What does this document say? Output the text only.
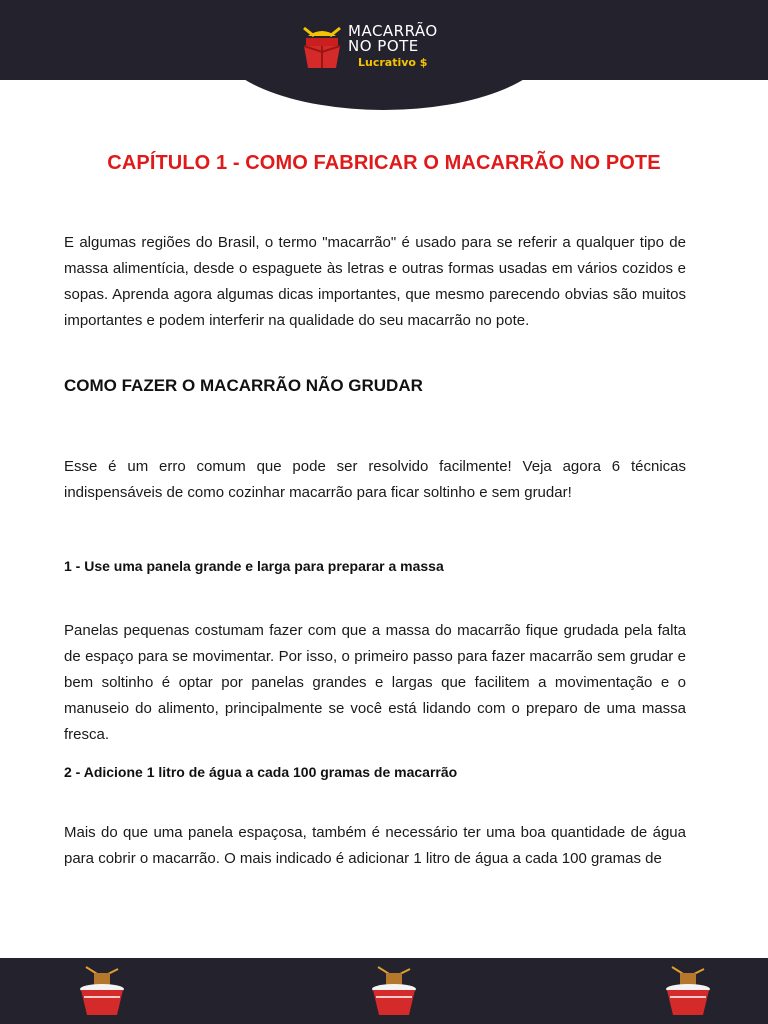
MACARRÃO
NO POTE
Lucrativo $
CAPÍTULO 1 - COMO FABRICAR O MACARRÃO NO POTE

E algumas regiões do Brasil, o termo "macarrão" é usado para se referir a qualquer tipo de massa alimentícia, desde o espaguete às letras e outras formas usadas em vários cozidos e sopas. Aprenda agora algumas dicas importantes, que mesmo parecendo obvias são muitos importantes e podem interferir na qualidade do seu macarrão no pote.

COMO FAZER O MACARRÃO NÃO GRUDAR

Esse é um erro comum que pode ser resolvido facilmente! Veja agora 6 técnicas indispensáveis de como cozinhar macarrão para ficar soltinho e sem grudar!

1 - Use uma panela grande e larga para preparar a massa

Panelas pequenas costumam fazer com que a massa do macarrão fique grudada pela falta de espaço para se movimentar. Por isso, o primeiro passo para fazer macarrão sem grudar e bem soltinho é optar por panelas grandes e largas que facilitem a movimentação e o manuseio do alimento, principalmente se você está lidando com o preparo de uma massa fresca.

2 - Adicione 1 litro de água a cada 100 gramas de macarrão

Mais do que uma panela espaçosa, também é necessário ter uma boa quantidade de água para cobrir o macarrão. O mais indicado é adicionar 1 litro de água a cada 100 gramas de
